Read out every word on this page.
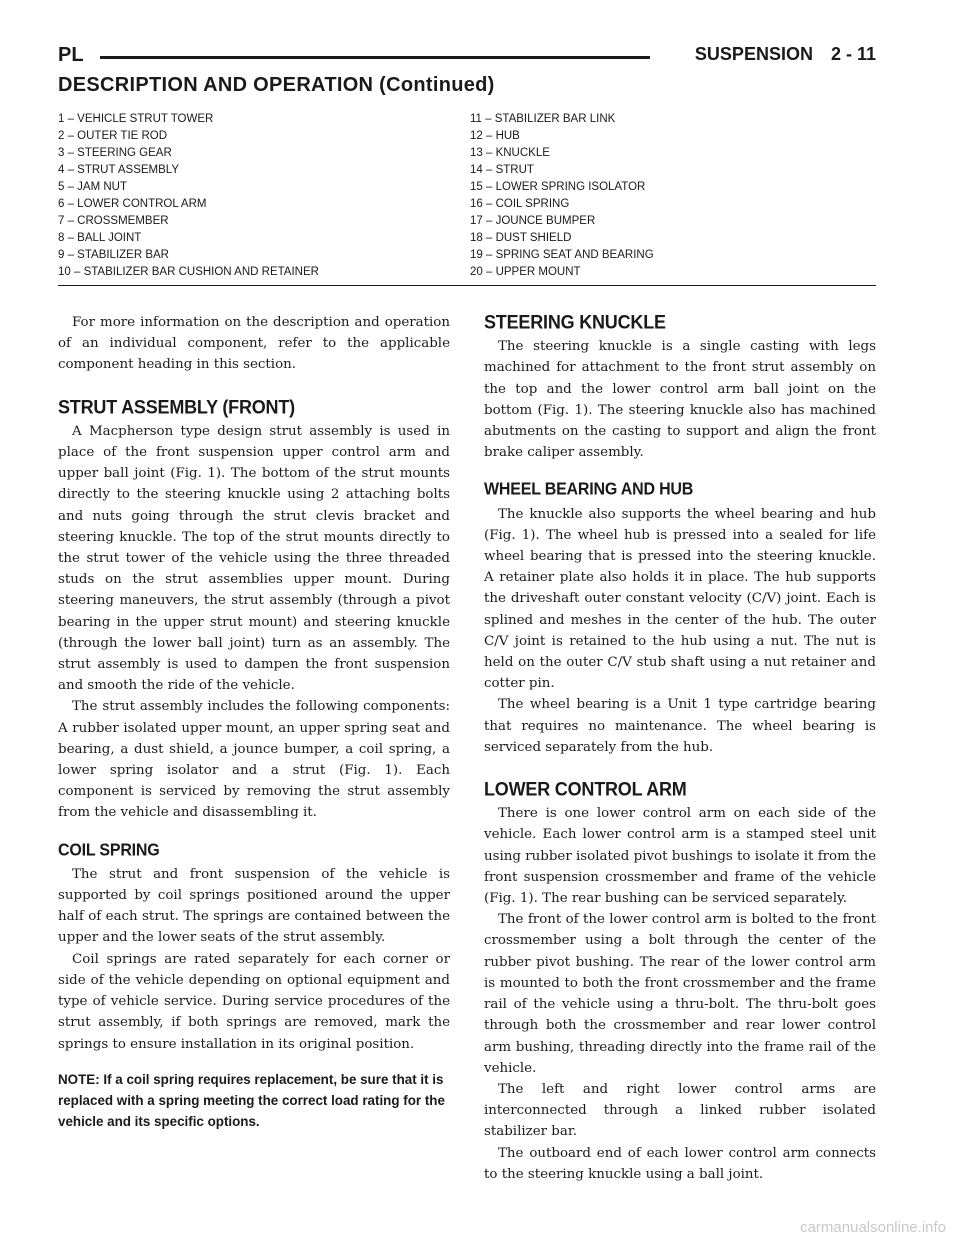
PL	SUSPENSION 2 - 11
DESCRIPTION AND OPERATION (Continued)
1 – VEHICLE STRUT TOWER
2 – OUTER TIE ROD
3 – STEERING GEAR
4 – STRUT ASSEMBLY
5 – JAM NUT
6 – LOWER CONTROL ARM
7 – CROSSMEMBER
8 – BALL JOINT
9 – STABILIZER BAR
10 – STABILIZER BAR CUSHION AND RETAINER
11 – STABILIZER BAR LINK
12 – HUB
13 – KNUCKLE
14 – STRUT
15 – LOWER SPRING ISOLATOR
16 – COIL SPRING
17 – JOUNCE BUMPER
18 – DUST SHIELD
19 – SPRING SEAT AND BEARING
20 – UPPER MOUNT

For more information on the description and operation of an individual component, refer to the applicable component heading in this section.

STRUT ASSEMBLY (FRONT)

A Macpherson type design strut assembly is used in place of the front suspension upper control arm and upper ball joint (Fig. 1). The bottom of the strut mounts directly to the steering knuckle using 2 attaching bolts and nuts going through the strut clevis bracket and steering knuckle. The top of the strut mounts directly to the strut tower of the vehicle using the three threaded studs on the strut assemblies upper mount. During steering maneuvers, the strut assembly (through a pivot bearing in the upper strut mount) and steering knuckle (through the lower ball joint) turn as an assembly. The strut assembly is used to dampen the front suspension and smooth the ride of the vehicle.

The strut assembly includes the following components: A rubber isolated upper mount, an upper spring seat and bearing, a dust shield, a jounce bumper, a coil spring, a lower spring isolator and a strut (Fig. 1). Each component is serviced by removing the strut assembly from the vehicle and disassembling it.

COIL SPRING

The strut and front suspension of the vehicle is supported by coil springs positioned around the upper half of each strut. The springs are contained between the upper and the lower seats of the strut assembly.

Coil springs are rated separately for each corner or side of the vehicle depending on optional equipment and type of vehicle service. During service procedures of the strut assembly, if both springs are removed, mark the springs to ensure installation in its original position.

NOTE: If a coil spring requires replacement, be sure that it is replaced with a spring meeting the correct load rating for the vehicle and its specific options.

STEERING KNUCKLE

The steering knuckle is a single casting with legs machined for attachment to the front strut assembly on the top and the lower control arm ball joint on the bottom (Fig. 1). The steering knuckle also has machined abutments on the casting to support and align the front brake caliper assembly.

WHEEL BEARING AND HUB

The knuckle also supports the wheel bearing and hub (Fig. 1). The wheel hub is pressed into a sealed for life wheel bearing that is pressed into the steering knuckle. A retainer plate also holds it in place. The hub supports the driveshaft outer constant velocity (C/V) joint. Each is splined and meshes in the center of the hub. The outer C/V joint is retained to the hub using a nut. The nut is held on the outer C/V stub shaft using a nut retainer and cotter pin.

The wheel bearing is a Unit 1 type cartridge bearing that requires no maintenance. The wheel bearing is serviced separately from the hub.

LOWER CONTROL ARM

There is one lower control arm on each side of the vehicle. Each lower control arm is a stamped steel unit using rubber isolated pivot bushings to isolate it from the front suspension crossmember and frame of the vehicle (Fig. 1). The rear bushing can be serviced separately.

The front of the lower control arm is bolted to the front crossmember using a bolt through the center of the rubber pivot bushing. The rear of the lower control arm is mounted to both the front crossmember and the frame rail of the vehicle using a thru-bolt. The thru-bolt goes through both the crossmember and rear lower control arm bushing, threading directly into the frame rail of the vehicle.

The left and right lower control arms are interconnected through a linked rubber isolated stabilizer bar.

The outboard end of each lower control arm connects to the steering knuckle using a ball joint.

carmanualsonline.info
